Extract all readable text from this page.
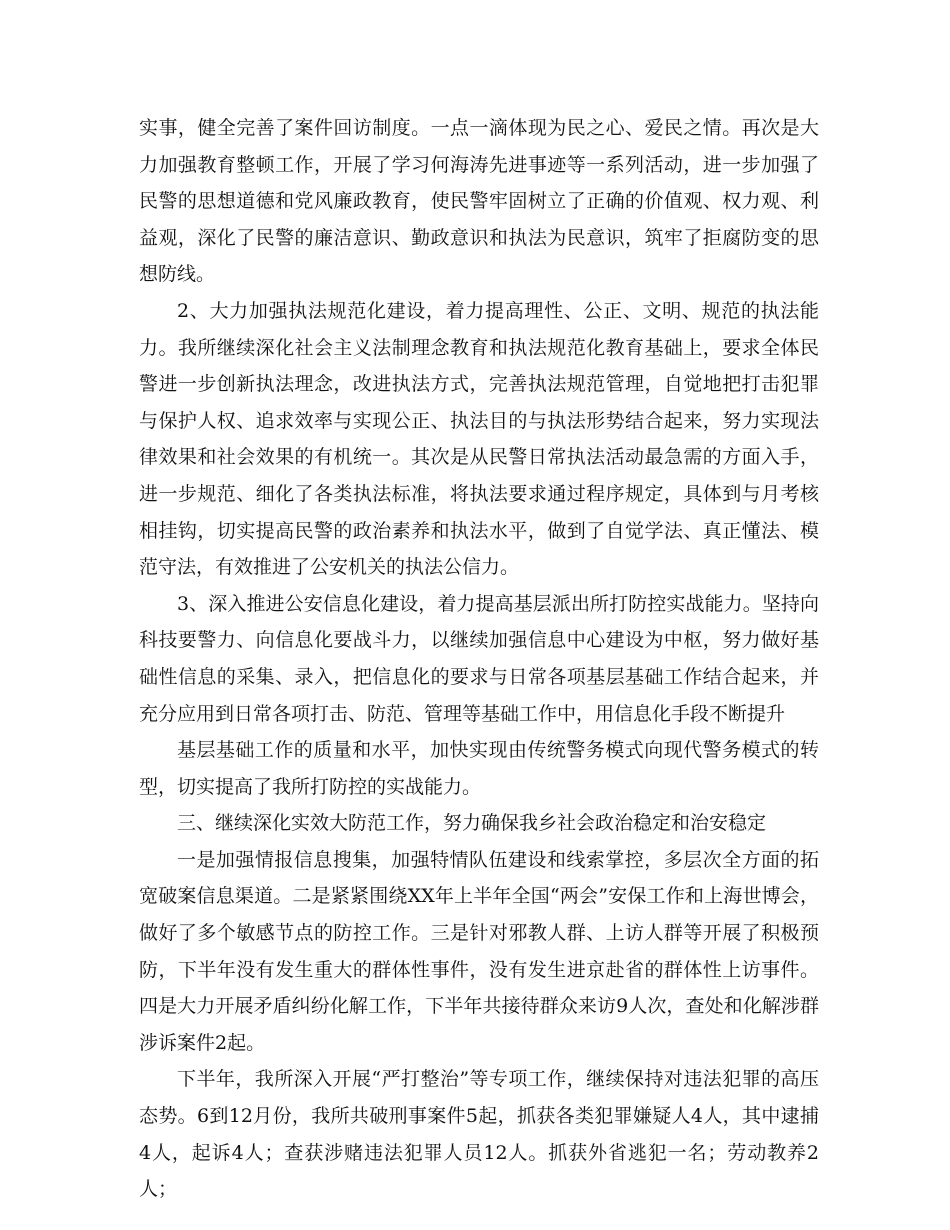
实事，健全完善了案件回访制度。一点一滴体现为民之心、爱民之情。再次是大力加强教育整顿工作，开展了学习何海涛先进事迹等一系列活动，进一步加强了民警的思想道德和党风廉政教育，使民警牢固树立了正确的价值观、权力观、利益观，深化了民警的廉洁意识、勤政意识和执法为民意识，筑牢了拒腐防变的思想防线。

2、大力加强执法规范化建设，着力提高理性、公正、文明、规范的执法能力。我所继续深化社会主义法制理念教育和执法规范化教育基础上，要求全体民警进一步创新执法理念，改进执法方式，完善执法规范管理，自觉地把打击犯罪与保护人权、追求效率与实现公正、执法目的与执法形势结合起来，努力实现法律效果和社会效果的有机统一。其次是从民警日常执法活动最急需的方面入手，进一步规范、细化了各类执法标准，将执法要求通过程序规定，具体到与月考核相挂钩，切实提高民警的政治素养和执法水平，做到了自觉学法、真正懂法、模范守法，有效推进了公安机关的执法公信力。

3、深入推进公安信息化建设，着力提高基层派出所打防控实战能力。坚持向科技要警力、向信息化要战斗力，以继续加强信息中心建设为中枢，努力做好基础性信息的采集、录入，把信息化的要求与日常各项基层基础工作结合起来，并充分应用到日常各项打击、防范、管理等基础工作中，用信息化手段不断提升

基层基础工作的质量和水平，加快实现由传统警务模式向现代警务模式的转型，切实提高了我所打防控的实战能力。

三、继续深化实效大防范工作，努力确保我乡社会政治稳定和治安稳定

一是加强情报信息搜集，加强特情队伍建设和线索掌控，多层次全方面的拓宽破案信息渠道。二是紧紧围绕XX年上半年全国“两会”安保工作和上海世博会，做好了多个敏感节点的防控工作。三是针对邪教人群、上访人群等开展了积极预防，下半年没有发生重大的群体性事件，没有发生进京赴省的群体性上访事件。四是大力开展矛盾纠纷化解工作，下半年共接待群众来访9人次，查处和化解涉群涉诉案件2起。

下半年，我所深入开展“严打整治”等专项工作，继续保持对违法犯罪的高压态势。6到12月份，我所共破刑事案件5起，抓获各类犯罪嫌疑人4人，其中逮捕4人，起诉4人；查获涉赌违法犯罪人员12人。抓获外省逃犯一名；劳动教养2人；
